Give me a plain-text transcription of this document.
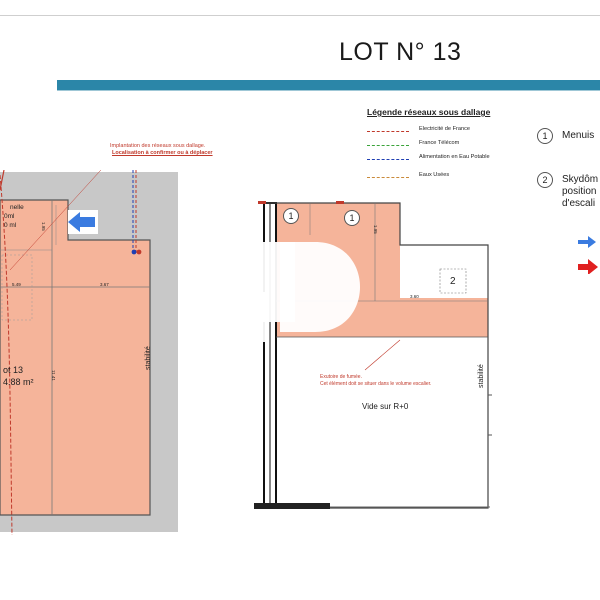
LOT N° 13
Légende réseaux sous dallage
Electricité de France
France Télécom
Alimentation en Eau Potable
Eaux Usées
1	Menuis
2	Skydôm
position
d'escali
Implantation des réseaux sous dallage.
Localisation à confirmer ou à déplacer
nelle
0ml
0 ml
ot 13
4.88 m²
stabilité
5.49	3.67
1.95
11.41
1	1
2
Exutoire de fumée.
Cet élément doit se situer dans le volume escalier.
Vide sur R+0
stabilité
3.60
1.95
